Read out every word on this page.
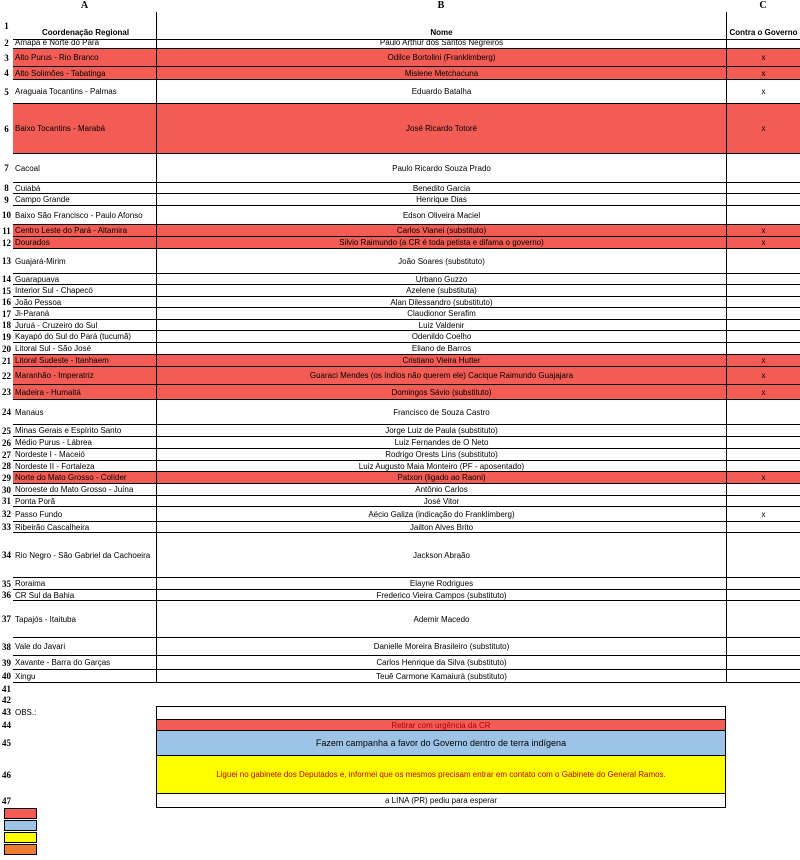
A	B	C
1
Coordenação Regional	Nome	Contra o Governo
2 Amapá e Norte do Pará	Paulo Arthur dos Santos Negreiros
3 Alto Purus - Rio Branco	Odilce Bortolini (Franklimberg)	x
4 Alto Solimões - Tabatinga	Mislene Metchacuna	x
5 Araguaia Tocantins - Palmas	Eduardo Batalha	x
6 Baixo Tocantins - Marabá	José Ricardo Totoré	x
7 Cacoal	Paulo Ricardo Souza Prado
8 Cuiabá	Benedito Garcia
9 Campo Grande	Henrique Dias
10 Baixo São Francisco - Paulo Afonso	Edson Oliveira Maciel
11 Centro Leste do Pará - Altamira	Carlos Vianei (substituto)	x
12 Dourados	Silvio Raimundo (a CR é toda petista e difama o governo)	x
13 Guajará-Mirim	João Soares (substituto)
14 Guarapuava	Urbano Guzzo
15 Interior Sul - Chapecó	Azelene (substituta)
16 João Pessoa	Alan Dilessandro (substituto)
17 Ji-Paraná	Claudionor Serafim
18 Juruá - Cruzeiro do Sul	Luiz Valdenir
19 Kayapó do Sul do Pará (tucumã)	Odenildo Coelho
20 Litoral Sul - São José	Eliano de Barros
21 Litoral Sudeste - Itanhaem	Cristiano Vieira Hutter	x
22 Maranhão - Imperatriz	Guaraci Mendes (os índios não querem ele) Cacique Raimundo Guajajara	x
23 Madeira - Humaitá	Domingos Sávio (substituto)	x
24 Manaus	Francisco de Souza Castro
25 Minas Gerais e Espírito Santo	Jorge Luiz de Paula (substituto)
26 Médio Purus - Lábrea	Luiz Fernandes de O Neto
27 Nordeste I - Maceió	Rodrigo Orests Lins (substituto)
28 Nordeste II - Fortaleza	Luiz Augusto Maia Monteiro (PF - aposentado)
29 Norte do Mato Grosso - Colíder	Patxon (ligado ao Raoni)	x
30 Noroeste do Mato Grosso - Juína	Antônio Carlos
31 Ponta Porã	José Vitor
32 Passo Fundo	Aécio Galiza (indicação do Franklimberg)	x
33 Ribeirão Cascalheira	Jailton Alves Brito
34 Rio Negro - São Gabriel da Cachoeira	Jackson Abraão
35 Roraima	Elayne Rodrigues
36 CR Sul da Bahia	Frederico Vieira Campos (substituto)
37 Tapajós - Itaituba	Ademir Macedo
38 Vale do Javari	Danielle Moreira Brasileiro (substituto)
39 Xavante - Barra do Garças	Carlos Henrique da Silva (substituto)
40 Xingu	Teuê Carmone Kamaiurá (substituto)
41
42
43 OBS.:
44	Retirar com urgência da CR
45	Fazem campanha a favor do Governo dentro de terra indígena
46	Liguei no gabinete dos Deputados e, informei que os mesmos precisam entrar em contato com o Gabinete do General Ramos.
47	a LINA (PR) pediu para esperar
